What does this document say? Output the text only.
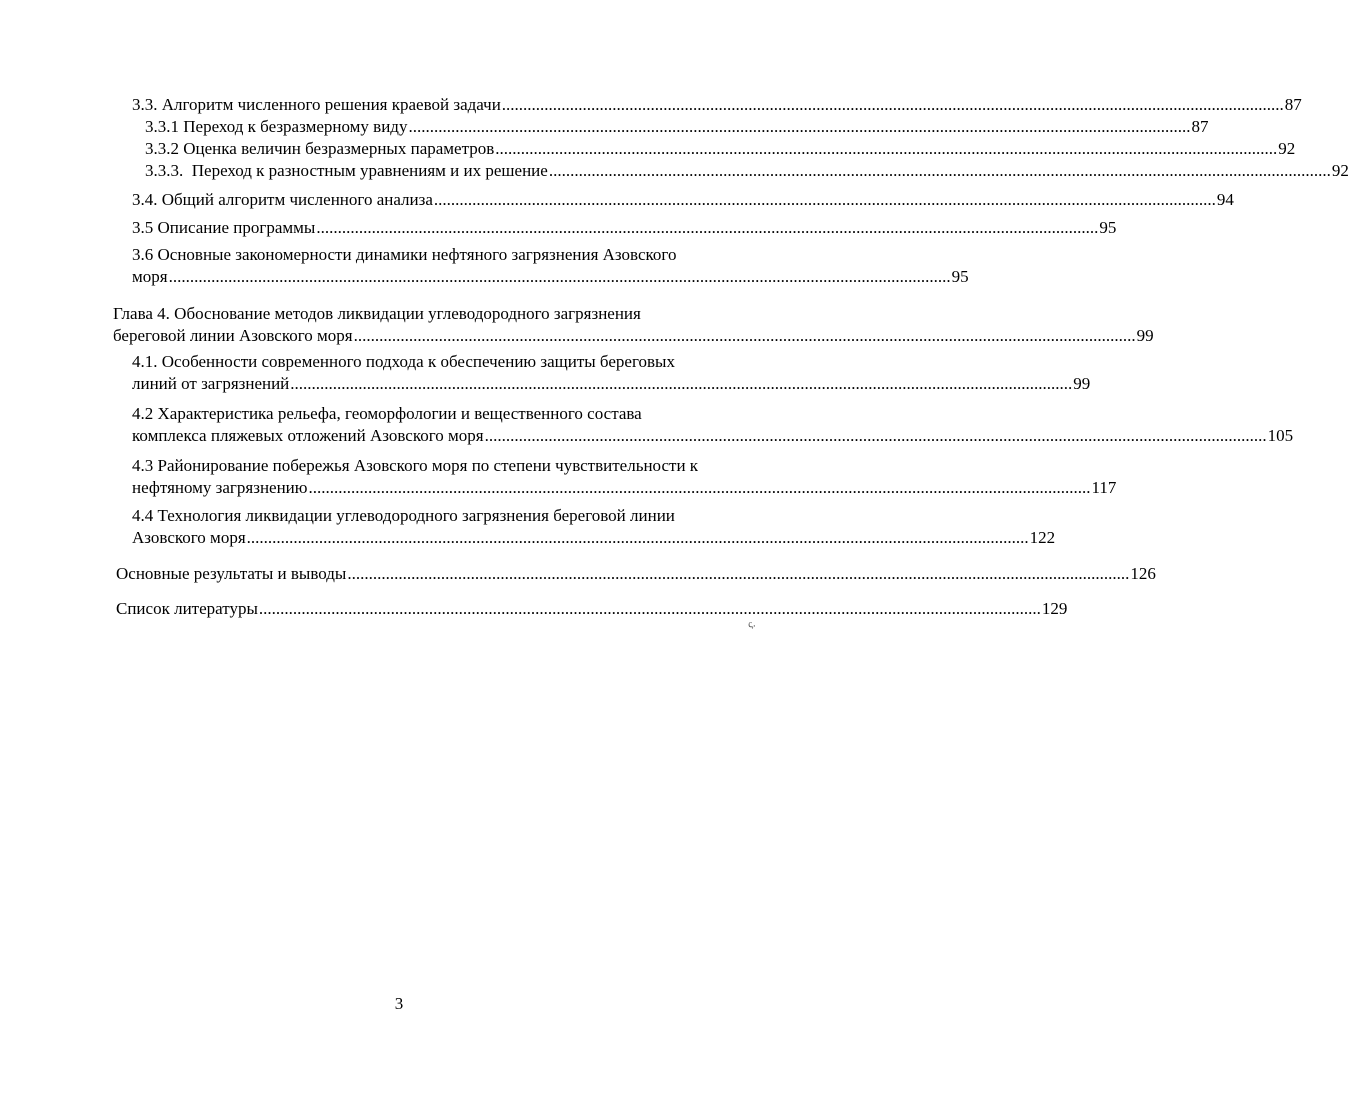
3.3. Алгоритм численного решения краевой задачи ........................................................................................................................................................................................ 87
3.3.1 Переход к безразмерному виду ........................................................................................................................................................................................ 87
3.3.2 Оценка величин безразмерных параметров ........................................................................................................................................................................................ 92
3.3.3.  Переход к разностным уравнениям и их решение ........................................................................................................................................................................................ 92
3.4. Общий алгоритм численного анализа ........................................................................................................................................................................................ 94
3.5 Описание программы ........................................................................................................................................................................................ 95
3.6 Основные закономерности динамики нефтяного загрязнения Азовского
моря ........................................................................................................................................................................................ 95
Глава 4. Обоснование методов ликвидации углеводородного загрязнения
береговой линии Азовского моря ........................................................................................................................................................................................ 99
4.1. Особенности современного подхода к обеспечению защиты береговых
линий от загрязнений ........................................................................................................................................................................................ 99
4.2 Характеристика рельефа, геоморфологии и вещественного состава
комплекса пляжевых отложений Азовского моря ........................................................................................................................................................................................ 105
4.3 Районирование побережья Азовского моря по степени чувствительности к
нефтяному загрязнению ........................................................................................................................................................................................ 117
4.4 Технология ликвидации углеводородного загрязнения береговой линии
Азовского моря ........................................................................................................................................................................................ 122
Основные результаты и выводы ........................................................................................................................................................................................ 126
Список литературы ........................................................................................................................................................................................ 129
ς.
3
